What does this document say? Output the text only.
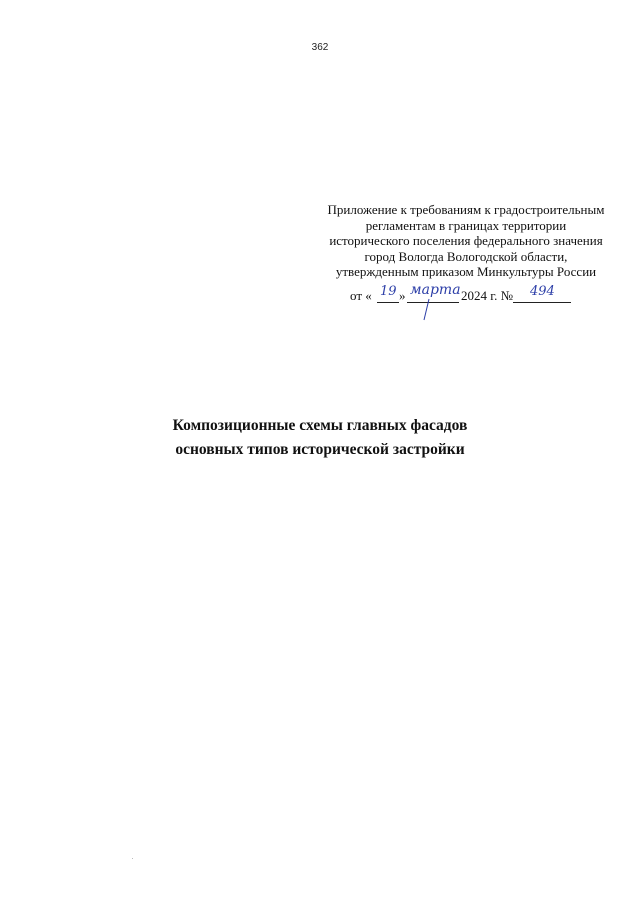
362
Приложение к требованиям к градостроительным
регламентам в границах территории
исторического поселения федерального значения
город Вологда Вологодской области,
утвержденным приказом Минкультуры России
от « 19 » марта 2024 г. № 494
Композиционные схемы главных фасадов
основных типов исторической застройки
